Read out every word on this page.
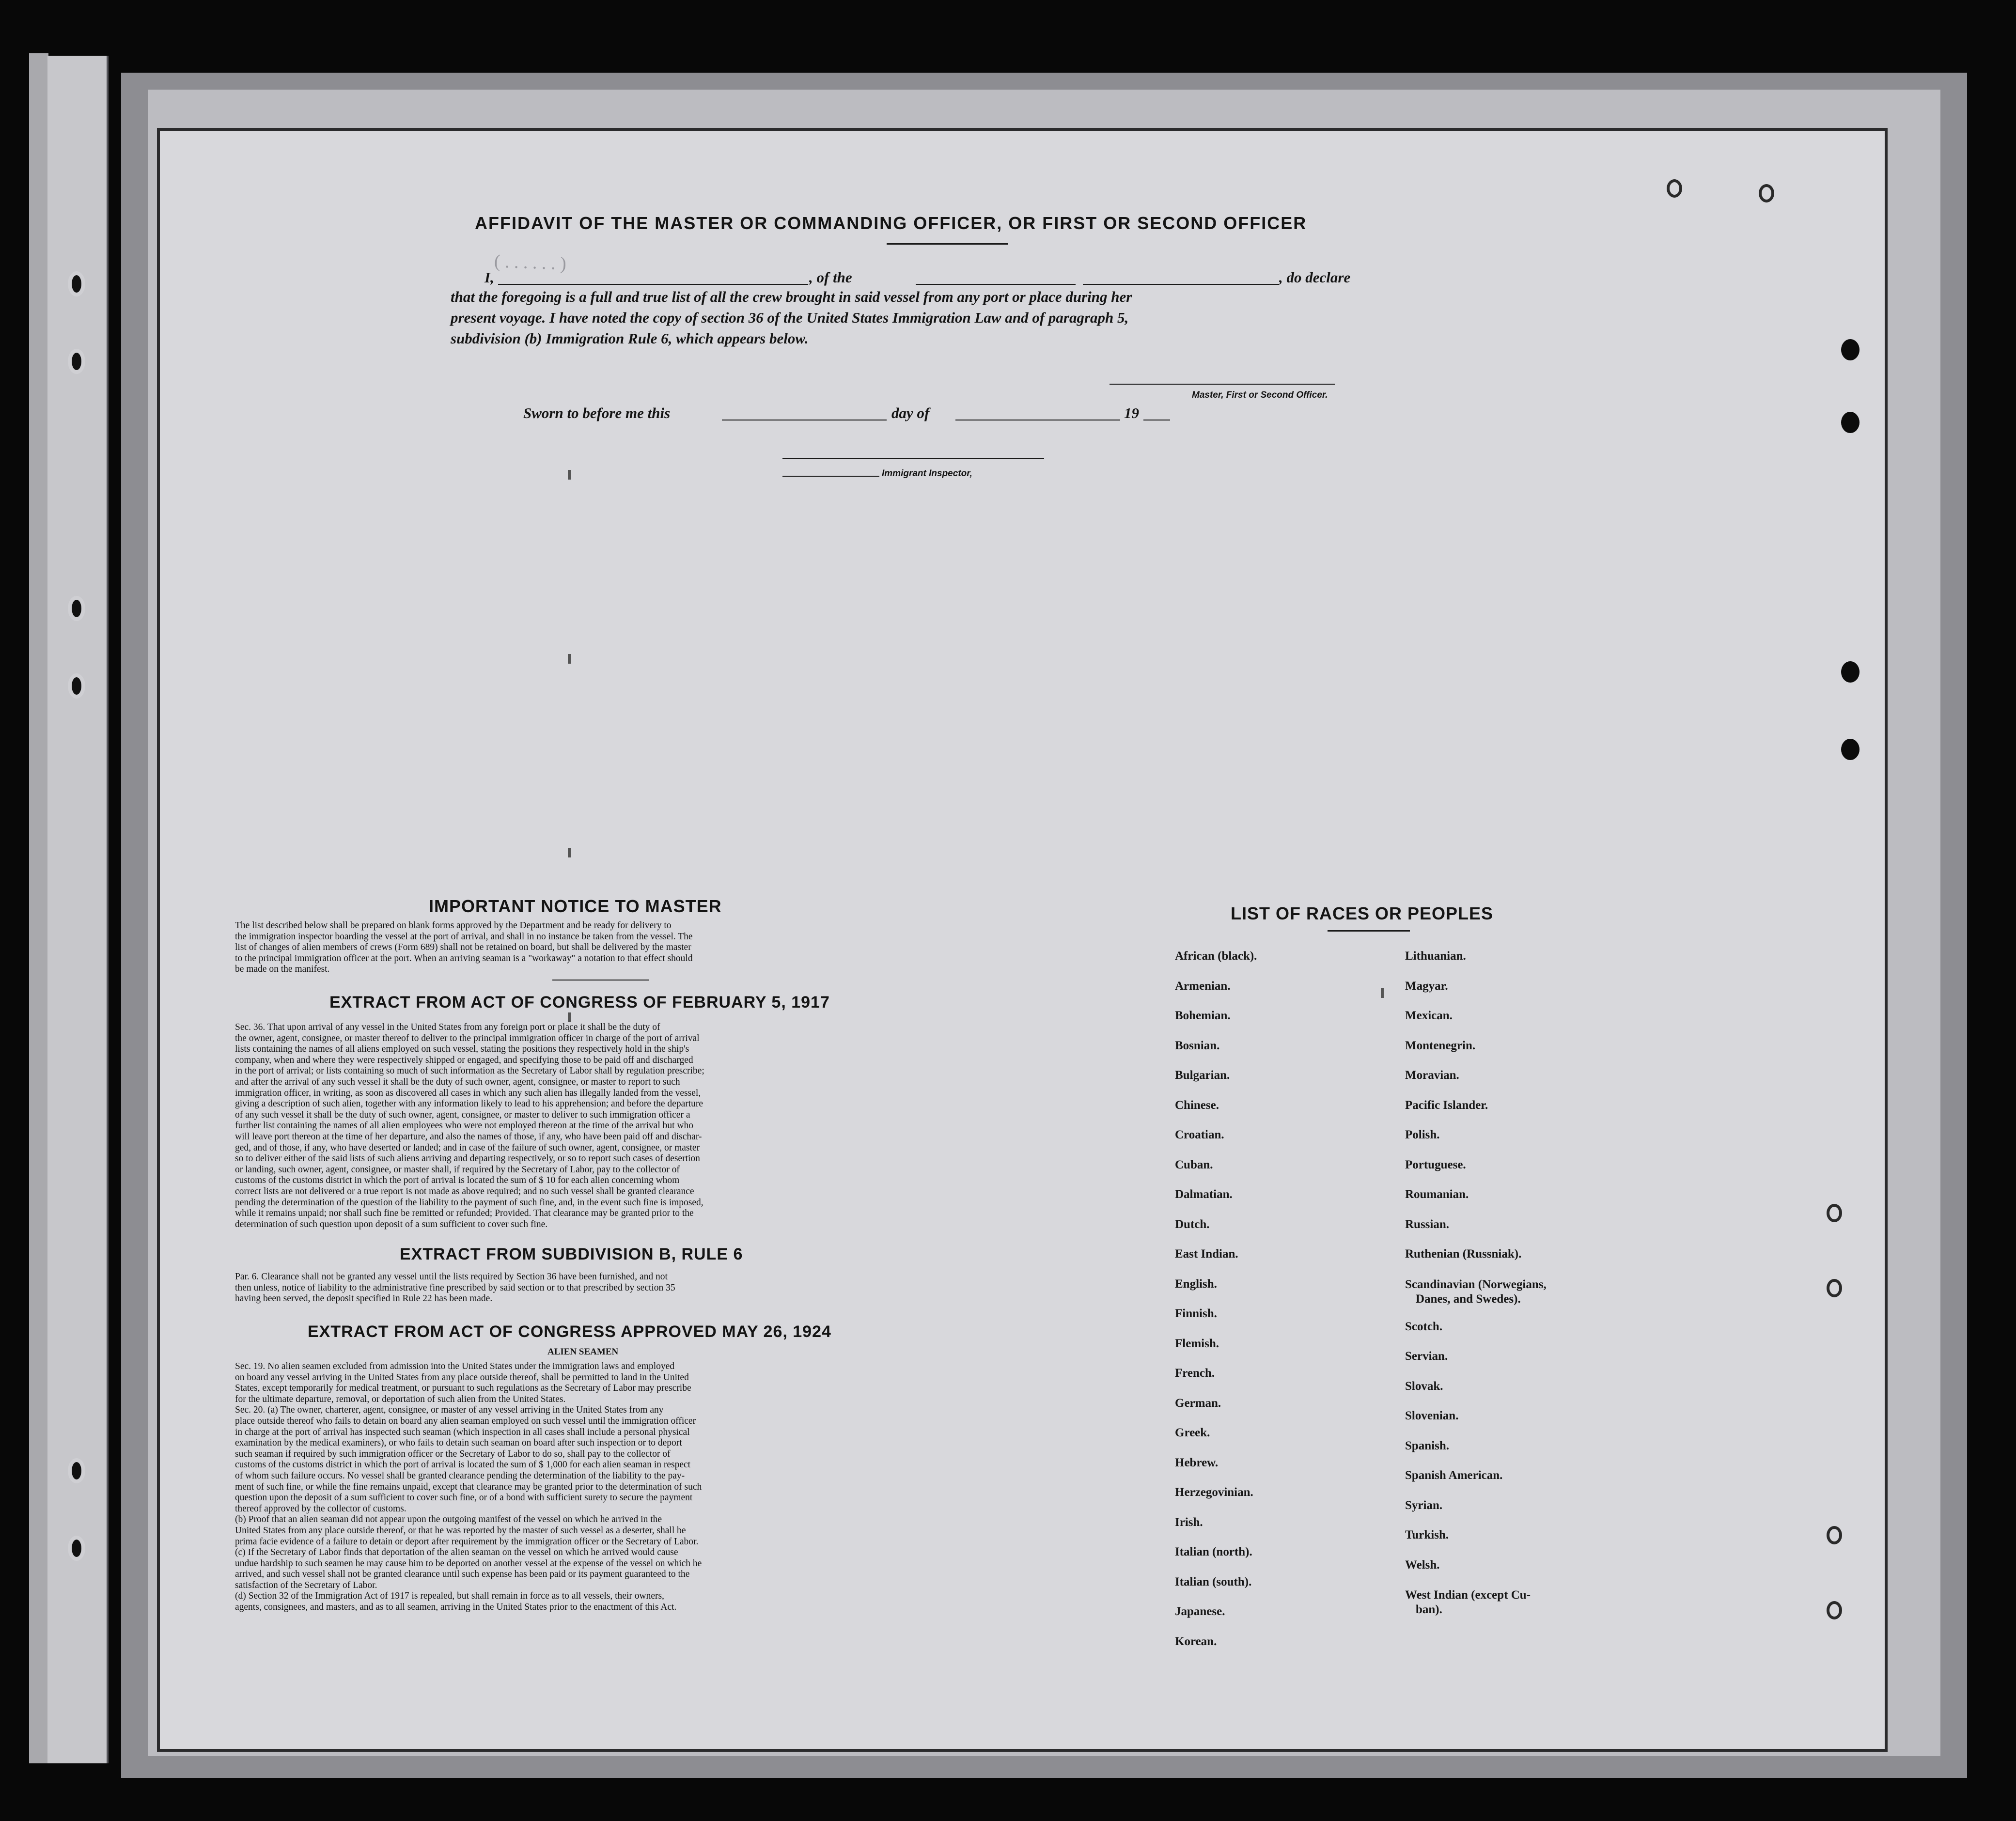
( . . . . . . )
AFFIDAVIT OF THE MASTER OR COMMANDING OFFICER, OR FIRST OR SECOND OFFICER
I,	, of the	, do declare
that the foregoing is a full and true list of all the crew brought in said vessel from any port or place during her
present voyage. I have noted the copy of section 36 of the United States Immigration Law and of paragraph 5,
subdivision (b) Immigration Rule 6, which appears below.
Master, First or Second Officer.
Sworn to before me this	day of	19
Immigrant Inspector,
IMPORTANT NOTICE TO MASTER
The list described below shall be prepared on blank forms approved by the Department and be ready for delivery to
the immigration inspector boarding the vessel at the port of arrival, and shall in no instance be taken from the vessel. The
list of changes of alien members of crews (Form 689) shall not be retained on board, but shall be delivered by the master
to the principal immigration officer at the port. When an arriving seaman is a "workaway" a notation to that effect should
be made on the manifest.
EXTRACT FROM ACT OF CONGRESS OF FEBRUARY 5, 1917
Sec. 36. That upon arrival of any vessel in the United States from any foreign port or place it shall be the duty of
the owner, agent, consignee, or master thereof to deliver to the principal immigration officer in charge of the port of arrival
lists containing the names of all aliens employed on such vessel, stating the positions they respectively hold in the ship's
company, when and where they were respectively shipped or engaged, and specifying those to be paid off and discharged
in the port of arrival; or lists containing so much of such information as the Secretary of Labor shall by regulation prescribe;
and after the arrival of any such vessel it shall be the duty of such owner, agent, consignee, or master to report to such
immigration officer, in writing, as soon as discovered all cases in which any such alien has illegally landed from the vessel,
giving a description of such alien, together with any information likely to lead to his apprehension; and before the departure
of any such vessel it shall be the duty of such owner, agent, consignee, or master to deliver to such immigration officer a
further list containing the names of all alien employees who were not employed thereon at the time of the arrival but who
will leave port thereon at the time of her departure, and also the names of those, if any, who have been paid off and dischar-
ged, and of those, if any, who have deserted or landed; and in case of the failure of such owner, agent, consignee, or master
so to deliver either of the said lists of such aliens arriving and departing respectively, or so to report such cases of desertion
or landing, such owner, agent, consignee, or master shall, if required by the Secretary of Labor, pay to the collector of
customs of the customs district in which the port of arrival is located the sum of $ 10 for each alien concerning whom
correct lists are not delivered or a true report is not made as above required; and no such vessel shall be granted clearance
pending the determination of the question of the liability to the payment of such fine, and, in the event such fine is imposed,
while it remains unpaid; nor shall such fine be remitted or refunded; Provided. That clearance may be granted prior to the
determination of such question upon deposit of a sum sufficient to cover such fine.
EXTRACT FROM SUBDIVISION B, RULE 6
Par. 6. Clearance shall not be granted any vessel until the lists required by Section 36 have been furnished, and not
then unless, notice of liability to the administrative fine prescribed by said section or to that prescribed by section 35
having been served, the deposit specified in Rule 22 has been made.
EXTRACT FROM ACT OF CONGRESS APPROVED MAY 26, 1924
ALIEN SEAMEN
Sec. 19. No alien seamen excluded from admission into the United States under the immigration laws and employed
on board any vessel arriving in the United States from any place outside thereof, shall be permitted to land in the United
States, except temporarily for medical treatment, or pursuant to such regulations as the Secretary of Labor may prescribe
for the ultimate departure, removal, or deportation of such alien from the United States.
Sec. 20. (a) The owner, charterer, agent, consignee, or master of any vessel arriving in the United States from any
place outside thereof who fails to detain on board any alien seaman employed on such vessel until the immigration officer
in charge at the port of arrival has inspected such seaman (which inspection in all cases shall include a personal physical
examination by the medical examiners), or who fails to detain such seaman on board after such inspection or to deport
such seaman if required by such immigration officer or the Secretary of Labor to do so, shall pay to the collector of
customs of the customs district in which the port of arrival is located the sum of $ 1,000 for each alien seaman in respect
of whom such failure occurs. No vessel shall be granted clearance pending the determination of the liability to the pay-
ment of such fine, or while the fine remains unpaid, except that clearance may be granted prior to the determination of such
question upon the deposit of a sum sufficient to cover such fine, or of a bond with sufficient surety to secure the payment
thereof approved by the collector of customs.
(b) Proof that an alien seaman did not appear upon the outgoing manifest of the vessel on which he arrived in the
United States from any place outside thereof, or that he was reported by the master of such vessel as a deserter, shall be
prima facie evidence of a failure to detain or deport after requirement by the immigration officer or the Secretary of Labor.
(c) If the Secretary of Labor finds that deportation of the alien seaman on the vessel on which he arrived would cause
undue hardship to such seamen he may cause him to be deported on another vessel at the expense of the vessel on which he
arrived, and such vessel shall not be granted clearance until such expense has been paid or its payment guaranteed to the
satisfaction of the Secretary of Labor.
(d) Section 32 of the Immigration Act of 1917 is repealed, but shall remain in force as to all vessels, their owners,
agents, consignees, and masters, and as to all seamen, arriving in the United States prior to the enactment of this Act.
LIST OF RACES OR PEOPLES
African (black).
Armenian.
Bohemian.
Bosnian.
Bulgarian.
Chinese.
Croatian.
Cuban.
Dalmatian.
Dutch.
East Indian.
English.
Finnish.
Flemish.
French.
German.
Greek.
Hebrew.
Herzegovinian.
Irish.
Italian (north).
Italian (south).
Japanese.
Korean.
Lithuanian.
Magyar.
Mexican.
Montenegrin.
Moravian.
Pacific Islander.
Polish.
Portuguese.
Roumanian.
Russian.
Ruthenian (Russniak).
Scandinavian (Norwegians,
Danes, and Swedes).
Scotch.
Servian.
Slovak.
Slovenian.
Spanish.
Spanish American.
Syrian.
Turkish.
Welsh.
West Indian (except Cu-
ban).
